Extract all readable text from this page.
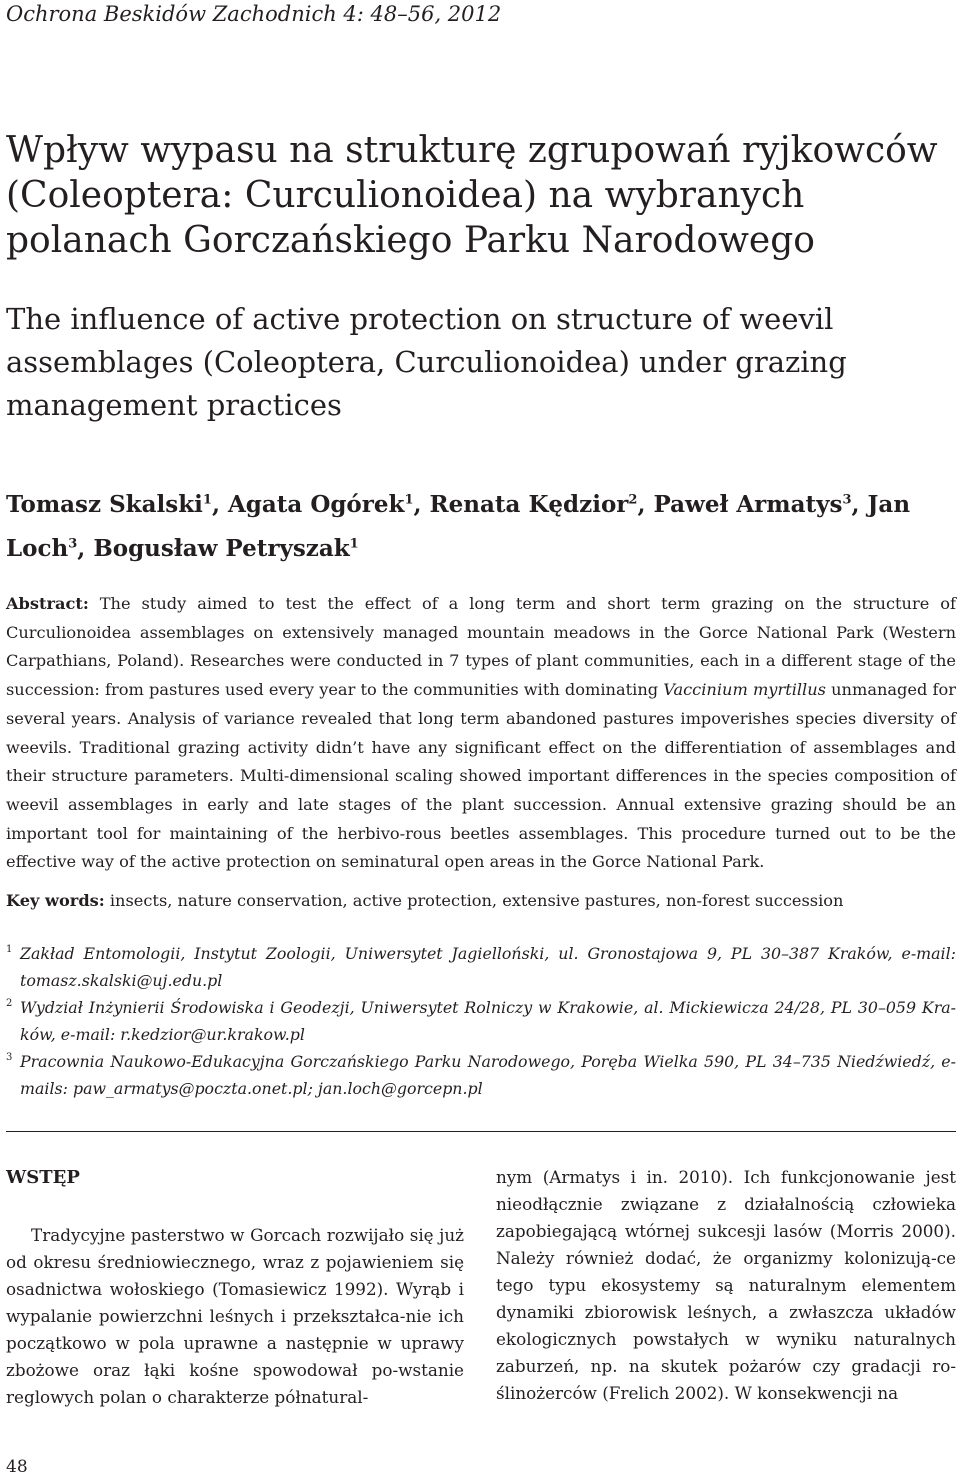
Ochrona Beskidów Zachodnich 4: 48–56, 2012
Wpływ wypasu na strukturę zgrupowań ryjkowców (Coleoptera: Curculionoidea) na wybranych polanach Gorczańskiego Parku Narodowego
The influence of active protection on structure of weevil assemblages (Coleoptera, Curculionoidea) under grazing management practices
Tomasz Skalski$^1$, Agata Ogórek$^1$, Renata Kędzior$^2$, Paweł Armatys$^3$, Jan Loch$^3$, Bogusław Petryszak$^1$

Abstract: The study aimed to test the effect of a long term and short term grazing on the structure of Curculionoidea assemblages on extensively managed mountain meadows in the Gorce National Park (Western Carpathians, Poland). Researches were conducted in 7 types of plant communities, each in a different stage of the succession: from pastures used every year to the communities with dominating Vaccinium myrtillus unmanaged for several years. Analysis of variance revealed that long term abandoned pastures impoverishes species diversity of weevils. Traditional grazing activity didn’t have any significant effect on the differentiation of assemblages and their structure parameters. Multi-dimensional scaling showed important differences in the species composition of weevil assemblages in early and late stages of the plant succession. Annual extensive grazing should be an important tool for maintaining of the herbivo-rous beetles assemblages. This procedure turned out to be the effective way of the active protection on seminatural open areas in the Gorce National Park.

Key words: insects, nature conservation, active protection, extensive pastures, non-forest succession

1 Zakład Entomologii, Instytut Zoologii, Uniwersytet Jagielloński, ul. Gronostajowa 9, PL 30–387 Kraków, e-mail: tomasz.skalski@uj.edu.pl
2 Wydział Inżynierii Środowiska i Geodezji, Uniwersytet Rolniczy w Krakowie, al. Mickiewicza 24/28, PL 30–059 Kra-ków, e-mail: r.kedzior@ur.krakow.pl
3 Pracownia Naukowo-Edukacyjna Gorczańskiego Parku Narodowego, Poręba Wielka 590, PL 34–735 Niedźwiedź, e-mails: paw_armatys@poczta.onet.pl; jan.loch@gorcepn.pl
WSTĘP

Tradycyjne pasterstwo w Gorcach rozwijało się już od okresu średniowiecznego, wraz z pojawieniem się osadnictwa wołoskiego (Tomasiewicz 1992). Wyrąb i wypalanie powierzchni leśnych i przekształca-nie ich początkowo w pola uprawne a następnie w uprawy zbożowe oraz łąki kośne spowodował po-wstanie reglowych polan o charakterze półnatural-

nym (Armatys i in. 2010). Ich funkcjonowanie jest nieodłącznie związane z działalnością człowieka zapobiegającą wtórnej sukcesji lasów (Morris 2000). Należy również dodać, że organizmy kolonizują-ce tego typu ekosystemy są naturalnym elementem dynamiki zbiorowisk leśnych, a zwłaszcza układów ekologicznych powstałych w wyniku naturalnych zaburzeń, np. na skutek pożarów czy gradacji ro-ślinożerców (Frelich 2002). W konsekwencji na

48
